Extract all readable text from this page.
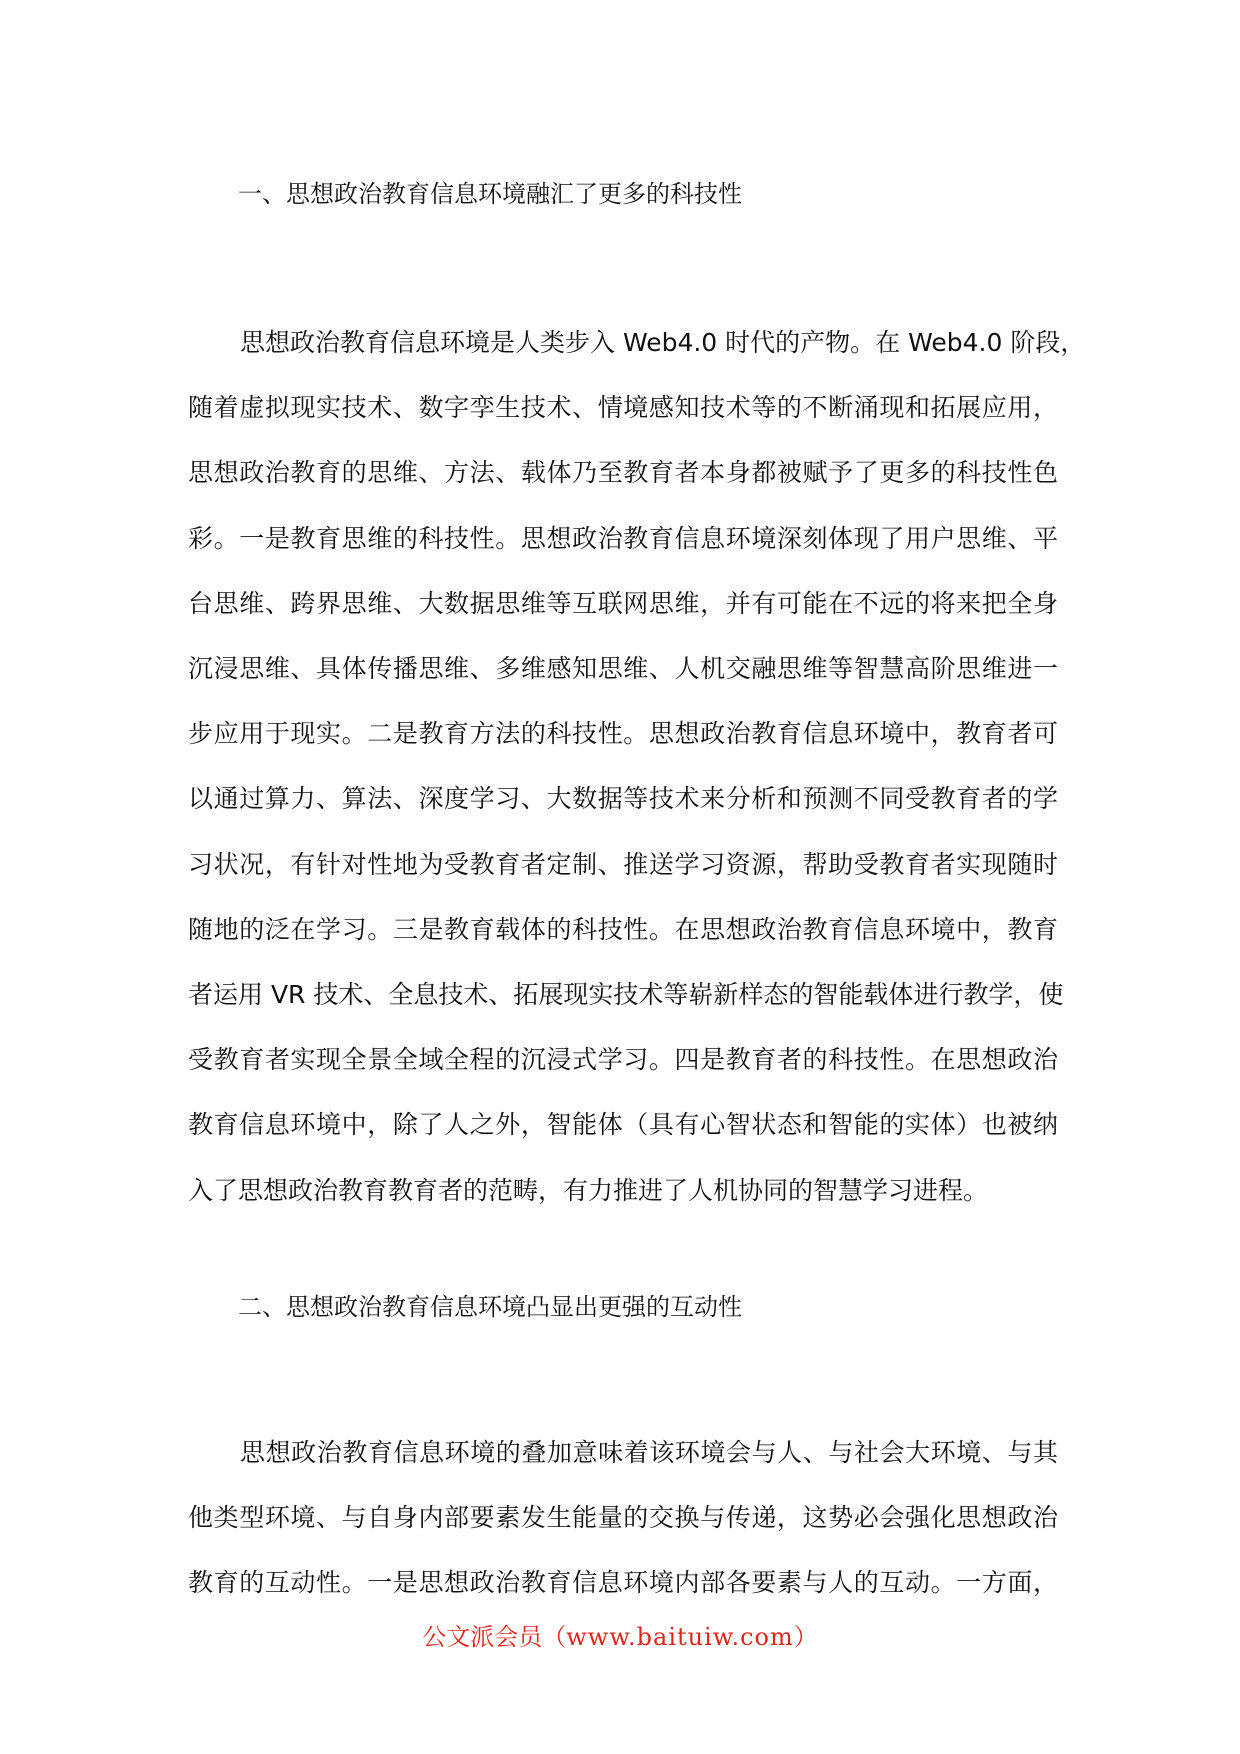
一、思想政治教育信息环境融汇了更多的科技性
思想政治教育信息环境是人类步入 Web4.0 时代的产物。在 Web4.0 阶段，
随着虚拟现实技术、数字孪生技术、情境感知技术等的不断涌现和拓展应用，
思想政治教育的思维、方法、载体乃至教育者本身都被赋予了更多的科技性色
彩。一是教育思维的科技性。思想政治教育信息环境深刻体现了用户思维、平
台思维、跨界思维、大数据思维等互联网思维，并有可能在不远的将来把全身
沉浸思维、具体传播思维、多维感知思维、人机交融思维等智慧高阶思维进一
步应用于现实。二是教育方法的科技性。思想政治教育信息环境中，教育者可
以通过算力、算法、深度学习、大数据等技术来分析和预测不同受教育者的学
习状况，有针对性地为受教育者定制、推送学习资源，帮助受教育者实现随时
随地的泛在学习。三是教育载体的科技性。在思想政治教育信息环境中，教育
者运用 VR 技术、全息技术、拓展现实技术等崭新样态的智能载体进行教学，使
受教育者实现全景全域全程的沉浸式学习。四是教育者的科技性。在思想政治
教育信息环境中，除了人之外，智能体（具有心智状态和智能的实体）也被纳
入了思想政治教育教育者的范畴，有力推进了人机协同的智慧学习进程。
二、思想政治教育信息环境凸显出更强的互动性
思想政治教育信息环境的叠加意味着该环境会与人、与社会大环境、与其
他类型环境、与自身内部要素发生能量的交换与传递，这势必会强化思想政治
教育的互动性。一是思想政治教育信息环境内部各要素与人的互动。一方面，
公文派会员（www.baituiw.com）
